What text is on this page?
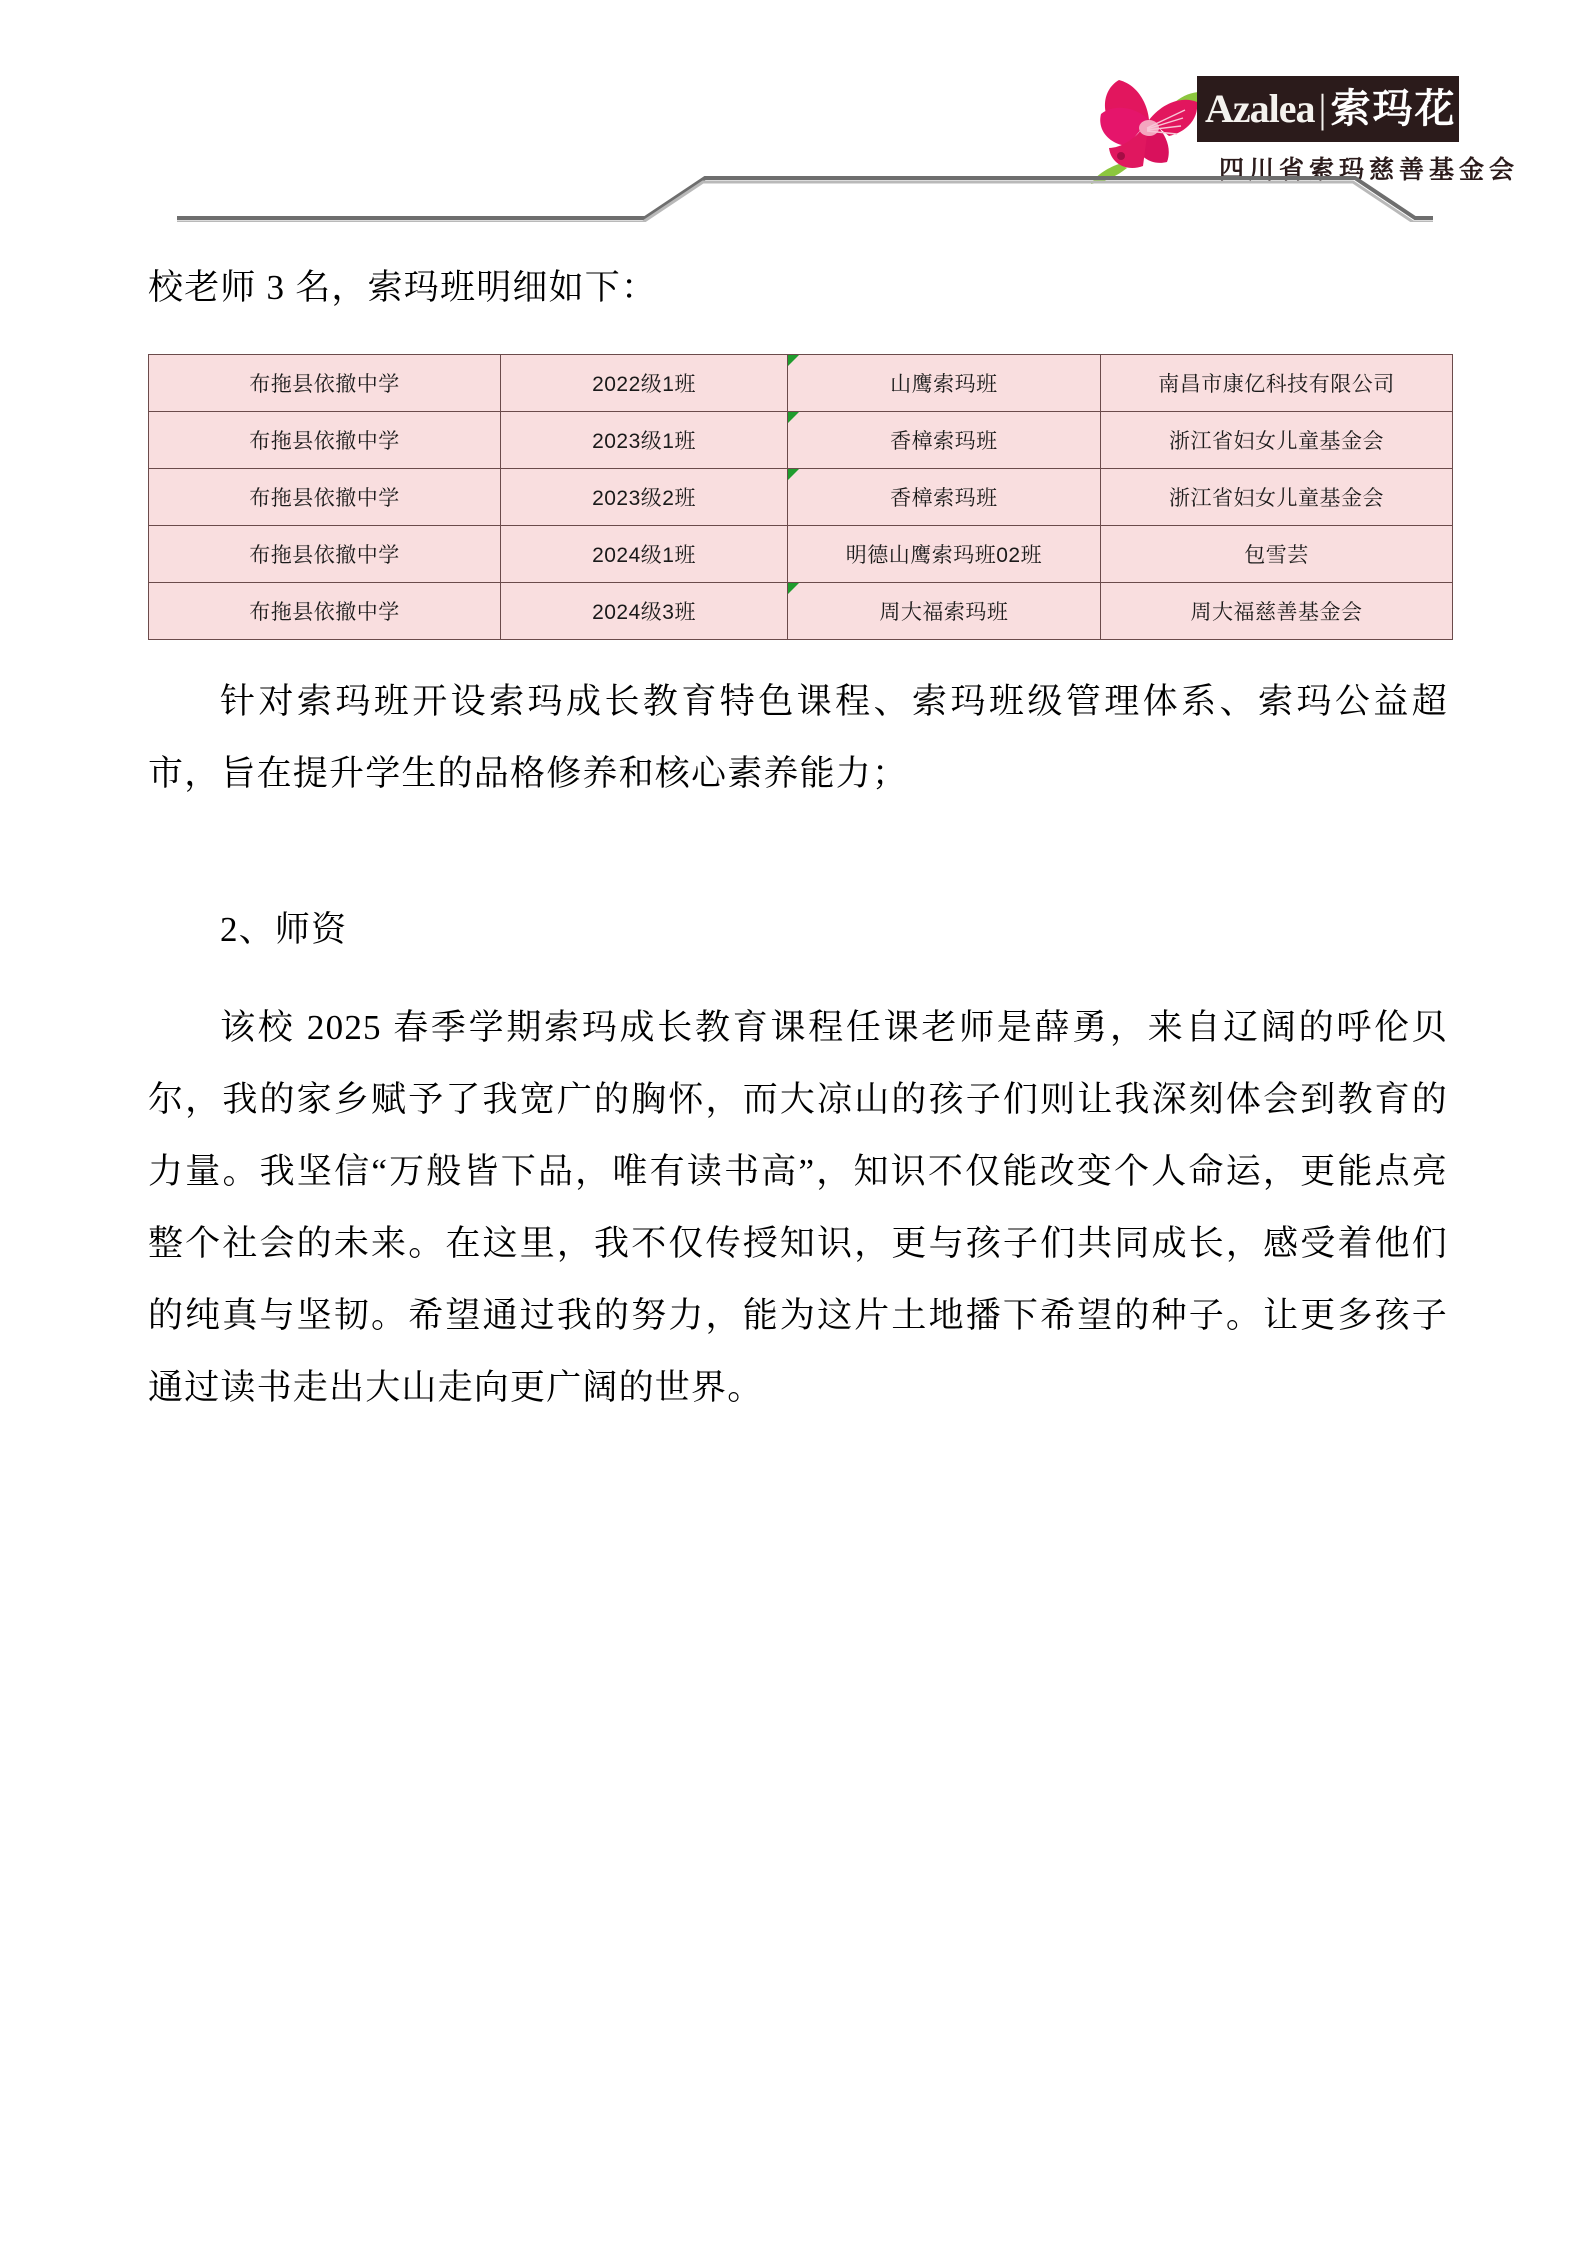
Azalea | 索玛花
四川省索玛慈善基金会

校老师 3 名，索玛班明细如下：

布拖县依撤中学	2022级1班	山鹰索玛班	南昌市康亿科技有限公司
布拖县依撤中学	2023级1班	香樟索玛班	浙江省妇女儿童基金会
布拖县依撤中学	2023级2班	香樟索玛班	浙江省妇女儿童基金会
布拖县依撤中学	2024级1班	明德山鹰索玛班02班	包雪芸
布拖县依撤中学	2024级3班	周大福索玛班	周大福慈善基金会

针对索玛班开设索玛成长教育特色课程、索玛班级管理体系、索玛公益超市，旨在提升学生的品格修养和核心素养能力；

2、师资

该校 2025 春季学期索玛成长教育课程任课老师是薛勇，来自辽阔的呼伦贝尔，我的家乡赋予了我宽广的胸怀，而大凉山的孩子们则让我深刻体会到教育的力量。我坚信“万般皆下品，唯有读书高”，知识不仅能改变个人命运，更能点亮整个社会的未来。在这里，我不仅传授知识，更与孩子们共同成长，感受着他们的纯真与坚韧。希望通过我的努力，能为这片土地播下希望的种子。让更多孩子通过读书走出大山走向更广阔的世界。
